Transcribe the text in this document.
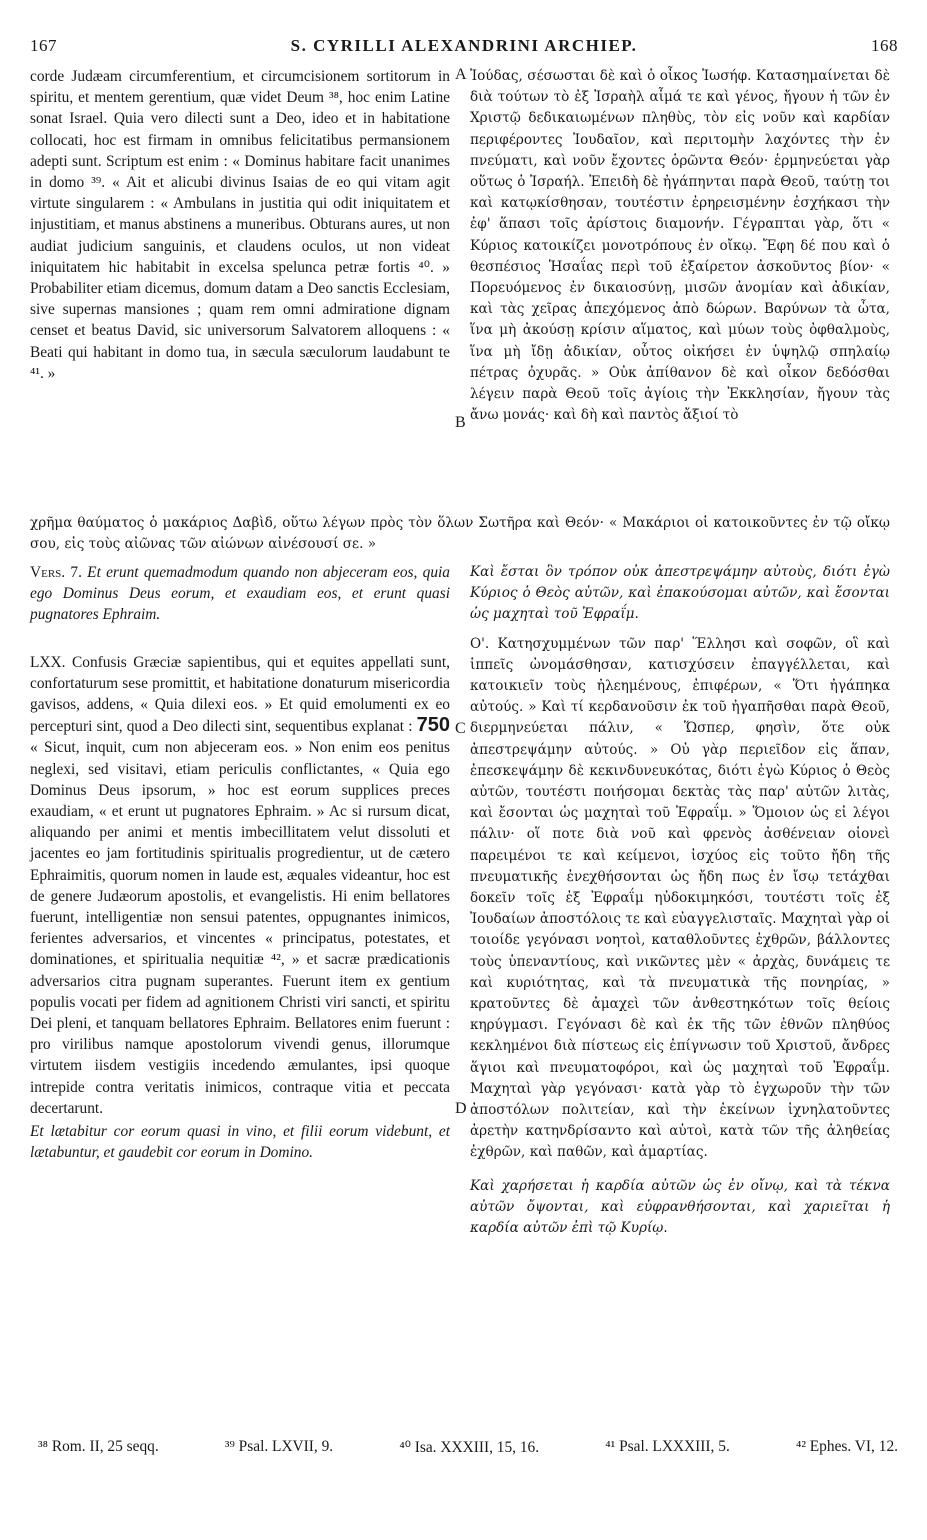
167	S. CYRILLI ALEXANDRINI ARCHIEP.	168
A
B
C
D

corde Judæam circumferentium, et circumcisionem sortitorum in spiritu, et mentem gerentium, quæ videt Deum ³⁸, hoc enim Latine sonat Israel. Quia vero dilecti sunt a Deo, ideo et in habitatione collocati, hoc est firmam in omnibus felicitatibus permansionem adepti sunt. Scriptum est enim : « Dominus habitare facit unanimes in domo ³⁹. « Ait et alicubi divinus Isaias de eo qui vitam agit virtute singularem : « Ambulans in justitia qui odit iniquitatem et injustitiam, et manus abstinens a muneribus. Obturans aures, ut non audiat judicium sanguinis, et claudens oculos, ut non videat iniquitatem hic habitabit in excelsa spelunca petræ fortis ⁴⁰. » Probabiliter etiam dicemus, domum datam a Deo sanctis Ecclesiam, sive supernas mansiones ; quam rem omni admiratione dignam censet et beatus David, sic universorum Salvatorem alloquens : « Beati qui habitant in domo tua, in sæcula sæculorum laudabunt te ⁴¹. »

Ἰούδας, σέσωσται δὲ καὶ ὁ οἶκος Ἰωσήφ. Κατασημαίνεται δὲ διὰ τούτων τὸ ἐξ Ἰσραὴλ αἷμά τε καὶ γένος, ἤγουν ἡ τῶν ἐν Χριστῷ δεδικαιωμένων πληθὺς, τὸν εἰς νοῦν καὶ καρδίαν περιφέροντες Ἰουδαῖον, καὶ περιτομὴν λαχόντες τὴν ἐν πνεύματι, καὶ νοῦν ἔχοντες ὁρῶντα Θεόν· ἑρμηνεύεται γὰρ οὕτως ὁ Ἰσραήλ. Ἐπειδὴ δὲ ἠγάπηνται παρὰ Θεοῦ, ταύτῃ τοι καὶ κατῳκίσθησαν, τουτέστιν ἐρηρεισμένην ἐσχήκασι τὴν ἐφ' ἅπασι τοῖς ἀρίστοις διαμονήν. Γέγραπται γὰρ, ὅτι « Κύριος κατοικίζει μονοτρόπους ἐν οἴκῳ. Ἔφη δέ που καὶ ὁ θεσπέσιος Ἡσαΐας περὶ τοῦ ἐξαίρετον ἀσκοῦντος βίον· « Πορευόμενος ἐν δικαιοσύνῃ, μισῶν ἀνομίαν καὶ ἀδικίαν, καὶ τὰς χεῖρας ἀπεχόμενος ἀπὸ δώρων. Βαρύνων τὰ ὦτα, ἵνα μὴ ἀκούσῃ κρίσιν αἵματος, καὶ μύων τοὺς ὀφθαλμοὺς, ἵνα μὴ ἴδῃ ἀδικίαν, οὗτος οἰκήσει ἐν ὑψηλῷ σπηλαίῳ πέτρας ὀχυρᾶς. » Οὐκ ἀπίθανον δὲ καὶ οἶκον δεδόσθαι λέγειν παρὰ Θεοῦ τοῖς ἁγίοις τὴν Ἐκκλησίαν, ἤγουν τὰς ἄνω μονάς· καὶ δὴ καὶ παντὸς ἄξιοί τὸ

χρῆμα θαύματος ὁ μακάριος Δαβὶδ, οὕτω λέγων πρὸς τὸν ὅλων Σωτῆρα καὶ Θεόν· « Μακάριοι οἱ κατοικοῦντες ἐν τῷ οἴκῳ σου, εἰς τοὺς αἰῶνας τῶν αἰώνων αἰνέσουσί σε. »

Vers. 7. Et erunt quemadmodum quando non abjeceram eos, quia ego Dominus Deus eorum, et exaudiam eos, et erunt quasi pugnatores Ephraim.

LXX. Confusis Græciæ sapientibus, qui et equites appellati sunt, confortaturum sese promittit, et habitatione donaturum misericordia gavisos, addens, « Quia dilexi eos. » Et quid emolumenti ex eo percepturi sint, quod a Deo dilecti sint, sequentibus explanat : 750 « Sicut, inquit, cum non abjeceram eos. » Non enim eos penitus neglexi, sed visitavi, etiam periculis conflictantes, « Quia ego Dominus Deus ipsorum, » hoc est eorum supplices preces exaudiam, « et erunt ut pugnatores Ephraim. » Ac si rursum dicat, aliquando per animi et mentis imbecillitatem velut dissoluti et jacentes eo jam fortitudinis spiritualis progredientur, ut de cætero Ephraimitis, quorum nomen in laude est, æquales videantur, hoc est de genere Judæorum apostolis, et evangelistis. Hi enim bellatores fuerunt, intelligentiæ non sensui patentes, oppugnantes inimicos, ferientes adversarios, et vincentes « principatus, potestates, et dominationes, et spiritualia nequitiæ ⁴², » et sacræ prædicationis adversarios citra pugnam superantes. Fuerunt item ex gentium populis vocati per fidem ad agnitionem Christi viri sancti, et spiritu Dei pleni, et tanquam bellatores Ephraim. Bellatores enim fuerunt : pro virilibus namque apostolorum vivendi genus, illorumque virtutem iisdem vestigiis incedendo æmulantes, ipsi quoque intrepide contra veritatis inimicos, contraque vitia et peccata decertarunt.

Et lætabitur cor eorum quasi in vino, et filii eorum videbunt, et lætabuntur, et gaudebit cor eorum in Domino.

Καὶ ἔσται ὃν τρόπον οὐκ ἀπεστρεψάμην αὐτοὺς, διότι ἐγὼ Κύριος ὁ Θεὸς αὐτῶν, καὶ ἐπακούσομαι αὐτῶν, καὶ ἔσονται ὡς μαχηταὶ τοῦ Ἐφραΐμ.

Ο'. Κατησχυμμένων τῶν παρ' Ἕλλησι καὶ σοφῶν, οἳ καὶ ἱππεῖς ὠνομάσθησαν, κατισχύσειν ἐπαγγέλλεται, καὶ κατοικιεῖν τοὺς ἠλεημένους, ἐπιφέρων, « Ὅτι ἠγάπηκα αὐτούς. » Καὶ τί κερδανοῦσιν ἐκ τοῦ ἠγαπῆσθαι παρὰ Θεοῦ, διερμηνεύεται πάλιν, « Ὥσπερ, φησὶν, ὅτε οὐκ ἀπεστρεψάμην αὐτούς. » Οὐ γὰρ περιεῖδον εἰς ἅπαν, ἐπεσκεψάμην δὲ κεκινδυνευκότας, διότι ἐγὼ Κύριος ὁ Θεὸς αὐτῶν, τουτέστι ποιήσομαι δεκτὰς τὰς παρ' αὐτῶν λιτὰς, καὶ ἔσονται ὡς μαχηταὶ τοῦ Ἐφραΐμ. » Ὅμοιον ὡς εἰ λέγοι πάλιν· οἵ ποτε διὰ νοῦ καὶ φρενὸς ἀσθένειαν οἱονεὶ παρειμένοι τε καὶ κείμενοι, ἰσχύος εἰς τοῦτο ἤδη τῆς πνευματικῆς ἐνεχθήσονται ὡς ἤδη πως ἐν ἴσῳ τετάχθαι δοκεῖν τοῖς ἐξ Ἐφραΐμ ηὐδοκιμηκόσι, τουτέστι τοῖς ἐξ Ἰουδαίων ἀποστόλοις τε καὶ εὐαγγελισταῖς. Μαχηταὶ γὰρ οἱ τοιοίδε γεγόνασι νοητοὶ, καταθλοῦντες ἐχθρῶν, βάλλοντες τοὺς ὑπεναντίους, καὶ νικῶντες μὲν « ἀρχὰς, δυνάμεις τε καὶ κυριότητας, καὶ τὰ πνευματικὰ τῆς πονηρίας, » κρατοῦντες δὲ ἀμαχεὶ τῶν ἀνθεστηκότων τοῖς θείοις κηρύγμασι. Γεγόνασι δὲ καὶ ἐκ τῆς τῶν ἐθνῶν πληθύος κεκλημένοι διὰ πίστεως εἰς ἐπίγνωσιν τοῦ Χριστοῦ, ἄνδρες ἅγιοι καὶ πνευματοφόροι, καὶ ὡς μαχηταὶ τοῦ Ἐφραΐμ. Μαχηταὶ γὰρ γεγόνασι· κατὰ γὰρ τὸ ἐγχωροῦν τὴν τῶν ἀποστόλων πολιτείαν, καὶ τὴν ἐκείνων ἰχνηλατοῦντες ἀρετὴν κατηνδρίσαντο καὶ αὐτοὶ, κατὰ τῶν τῆς ἀληθείας ἐχθρῶν, καὶ παθῶν, καὶ ἁμαρτίας.

Καὶ χαρήσεται ἡ καρδία αὐτῶν ὡς ἐν οἴνῳ, καὶ τὰ τέκνα αὐτῶν ὄψονται, καὶ εὐφρανθήσονται, καὶ χαριεῖται ἡ καρδία αὐτῶν ἐπὶ τῷ Κυρίῳ.

³⁸ Rom. II, 25 seqq.	³⁹ Psal. LXVII, 9.	⁴⁰ Isa. XXXIII, 15, 16.	⁴¹ Psal. LXXXIII, 5.	⁴² Ephes. VI, 12.
